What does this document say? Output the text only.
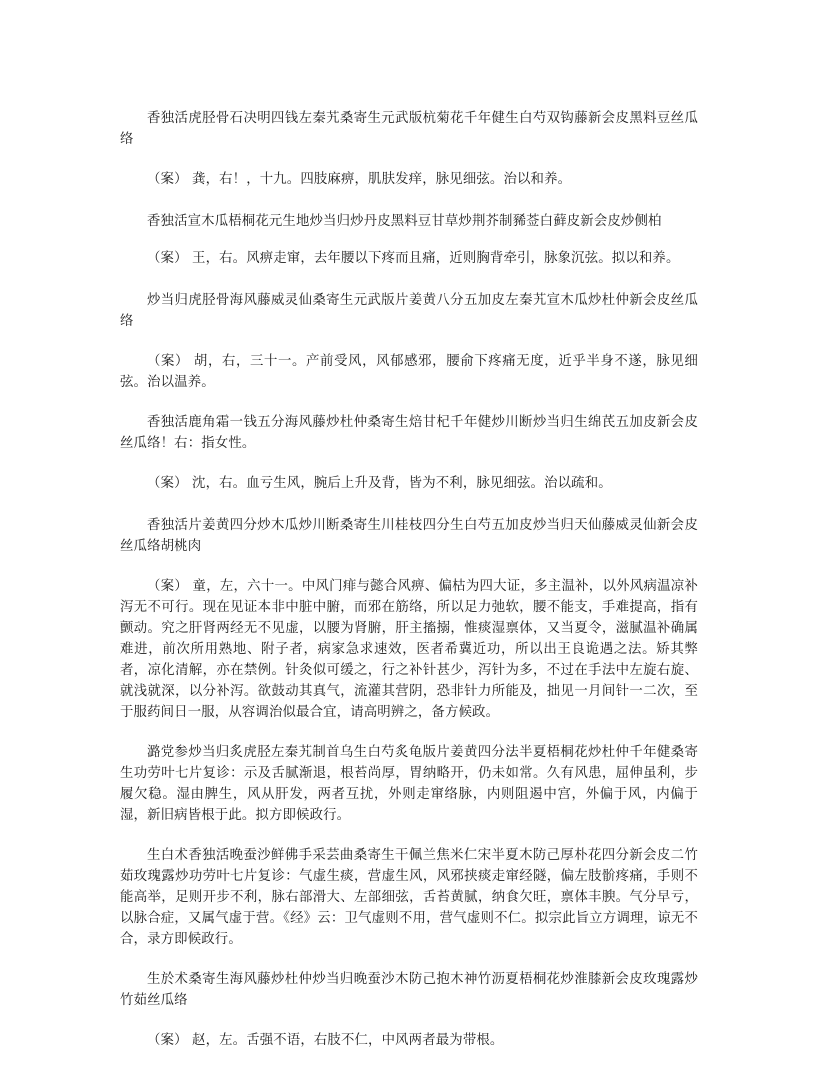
香独活虎胫骨石决明四钱左秦艽桑寄生元武版杭菊花千年健生白芍双钩藤新会皮黑料豆丝瓜络

（案） 龚，右！，十九。四肢麻痹，肌肤发痒，脉见细弦。治以和养。

香独活宣木瓜梧桐花元生地炒当归炒丹皮黑料豆甘草炒荆芥制豨莶白藓皮新会皮炒侧柏

（案） 王，右。风痹走窜，去年腰以下疼而且痛，近则胸背牵引，脉象沉弦。拟以和养。

炒当归虎胫骨海风藤威灵仙桑寄生元武版片姜黄八分五加皮左秦艽宣木瓜炒杜仲新会皮丝瓜络

（案） 胡，右，三十一。产前受风，风郁感邪，腰俞下疼痛无度，近乎半身不遂，脉见细弦。治以温养。

香独活鹿角霜一钱五分海风藤炒杜仲桑寄生焙甘杞千年健炒川断炒当归生绵芪五加皮新会皮丝瓜络！右：指女性。

（案） 沈，右。血亏生风，腕后上升及背，皆为不利，脉见细弦。治以疏和。

香独活片姜黄四分炒木瓜炒川断桑寄生川桂枝四分生白芍五加皮炒当归天仙藤威灵仙新会皮丝瓜络胡桃肉

（案） 童，左，六十一。中风门痱与懿合风痹、偏枯为四大证，多主温补，以外风病温凉补泻无不可行。现在见证本非中脏中腑，而邪在筋络，所以足力弛软，腰不能支，手难提高，指有颤动。究之肝肾两经无不见虚，以腰为肾腑，肝主搐搦，惟痰湿禀体，又当夏令，滋腻温补确属难进，前次所用熟地、附子者，病家急求速效，医者希冀近功，所以出王良诡遇之法。矫其弊者，凉化清解，亦在禁例。针灸似可缓之，行之补针甚少，泻针为多，不过在手法中左旋右旋、就浅就深，以分补泻。欲鼓动其真气，流灌其营阴，恐非针力所能及，拙见一月间针一二次，至于服药间日一服，从容调治似最合宜，请高明辨之，备方候政。

潞党参炒当归炙虎胫左秦艽制首乌生白芍炙龟版片姜黄四分法半夏梧桐花炒杜仲千年健桑寄生功劳叶七片复诊：示及舌腻渐退，根苔尚厚，胃纳略开，仍未如常。久有风患，屈伸虽利，步履欠稳。湿由脾生，风从肝发，两者互扰，外则走窜络脉，内则阻遏中宫，外偏于风，内偏于湿，新旧病皆根于此。拟方即候政行。

生白术香独活晚蚕沙鲜佛手采芸曲桑寄生干佩兰焦米仁宋半夏木防己厚朴花四分新会皮二竹茹玫瑰露炒功劳叶七片复诊：气虚生痰，营虚生风，风邪挟痰走窜经隧，偏左肢骱疼痛，手则不能高举，足则开步不利，脉右部滑大、左部细弦，舌苔黄腻，纳食欠旺，禀体丰腴。气分早亏，以脉合症，又属气虚于营。《经》云：卫气虚则不用，营气虚则不仁。拟宗此旨立方调理，谅无不合，录方即候政行。

生於术桑寄生海风藤炒杜仲炒当归晚蚕沙木防己抱木神竹沥夏梧桐花炒淮膝新会皮玫瑰露炒竹茹丝瓜络

（案） 赵，左。舌强不语，右肢不仁，中风两者最为带根。
